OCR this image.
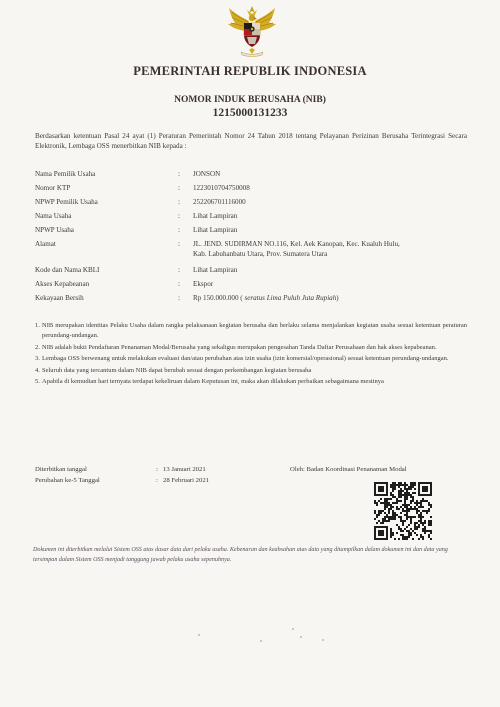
PEMERINTAH REPUBLIK INDONESIA
NOMOR INDUK BERUSAHA (NIB)
1215000131233
Berdasarkan ketentuan Pasal 24 ayat (1) Peraturan Pemerintah Nomor 24 Tahun 2018 tentang Pelayanan Perizinan Berusaha Terintegrasi Secara Elektronik, Lembaga OSS menerbitkan NIB kepada :
Nama Pemilik Usaha	: JONSON
Nomor KTP	: 1223010704750008
NPWP Pemilik Usaha	: 252206701116000
Nama Usaha	: Lihat Lampiran
NPWP Usaha	: Lihat Lampiran
Alamat	: JL. JEND. SUDIRMAN NO.116, Kel. Aek Kanopan, Kec. Kualuh Hulu,
Kab. Labuhanbatu Utara, Prov. Sumatera Utara
Kode dan Nama KBLI	: Lihat Lampiran
Akses Kepabeanan	: Ekspor
Kekayaan Bersih	: Rp 150.000.000 ( seratus Lima Puluh Juta Rupiah)
1. NIB merupakan identitas Pelaku Usaha dalam rangka pelaksanaan kegiatan berusaha dan berlaku selama menjalankan kegiatan usaha sesuai ketentuan peraturan perundang-undangan.
2. NIB adalah bukti Pendaftaran Penanaman Modal/Berusaha yang sekaligus merupakan pengesahan Tanda Daftar Perusahaan dan hak akses kepabeanan.
3. Lembaga OSS berwenang untuk melakukan evaluasi dan/atau perubahan atas izin usaha (izin komersial/operasional) sesuai ketentuan perundang-undangan.
4. Seluruh data yang tercantum dalam NIB dapat berubah sesuai dengan perkembangan kegiatan berusaha
5. Apabila di kemudian hari ternyata terdapat kekeliruan dalam Keputusan ini, maka akan dilakukan perbaikan sebagaimana mestinya
Diterbitkan tanggal	: 13 Januari 2021
Perubahan ke-5 Tanggal	: 28 Februari 2021
Oleh: Badan Koordinasi Penanaman Modal
Dokumen ini diterbitkan melalui Sistem OSS atas dasar data dari pelaku usaha. Kebenaran dan keabsahan atas data yang ditampilkan dalam dokumen ini dan data yang tersimpan dalam Sistem OSS menjadi tanggung jawab pelaku usaha sepenuhnya.
